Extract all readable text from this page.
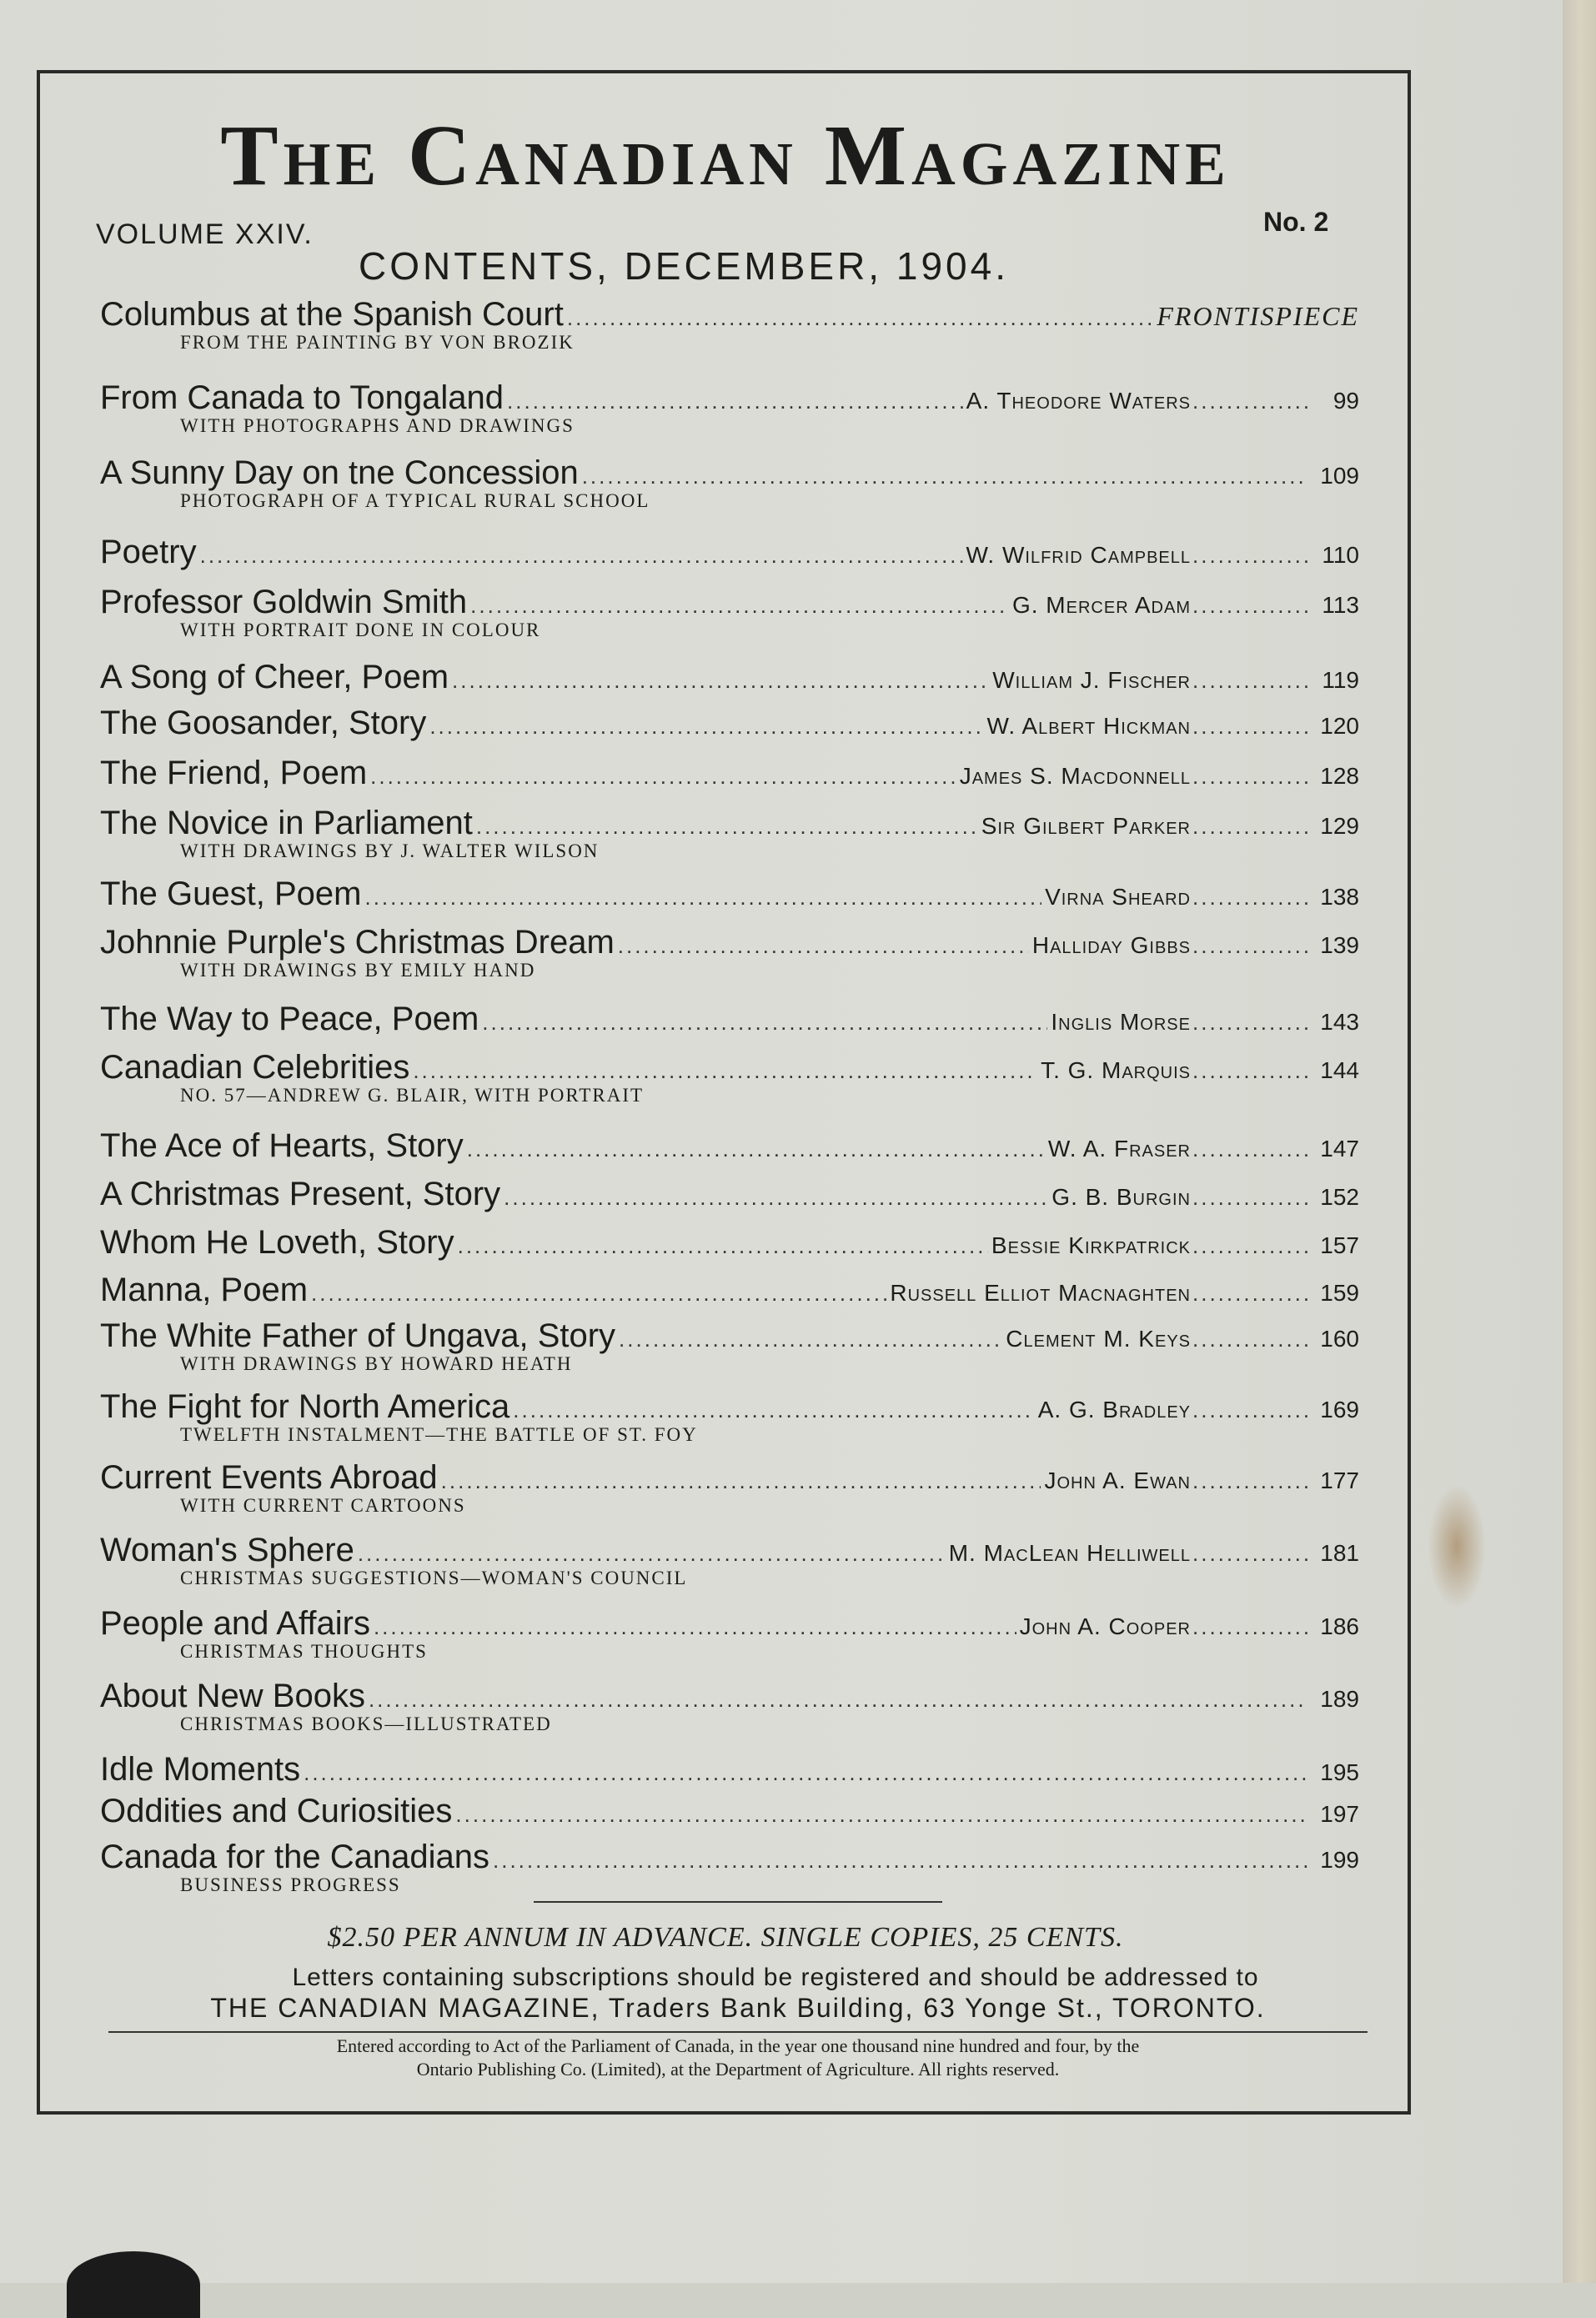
The Canadian Magazine
VOLUME XXIV.	No. 2
CONTENTS, DECEMBER, 1904.
Columbus at the Spanish Court .....	FRONTISPIECE
FROM THE PAINTING BY VON BROZIK
From Canada to Tongaland .....	A. Theodore Waters .....	99
WITH PHOTOGRAPHS AND DRAWINGS
A Sunny Day on tne Concession .....	109
PHOTOGRAPH OF A TYPICAL RURAL SCHOOL
Poetry .....	W. Wilfrid Campbell .....	110
Professor Goldwin Smith .....	G. Mercer Adam .....	113
WITH PORTRAIT DONE IN COLOUR
A Song of Cheer, Poem .....	William J. Fischer .....	119
The Goosander, Story .....	W. Albert Hickman .....	120
The Friend, Poem .....	James S. Macdonnell .....	128
The Novice in Parliament .....	Sir Gilbert Parker .....	129
WITH DRAWINGS BY J. WALTER WILSON
The Guest, Poem .....	Virna Sheard .....	138
Johnnie Purple's Christmas Dream .....	Halliday Gibbs .....	139
WITH DRAWINGS BY EMILY HAND
The Way to Peace, Poem .....	Inglis Morse .....	143
Canadian Celebrities .....	T. G. Marquis .....	144
NO. 57—ANDREW G. BLAIR, WITH PORTRAIT
The Ace of Hearts, Story .....	W. A. Fraser .....	147
A Christmas Present, Story .....	G. B. Burgin .....	152
Whom He Loveth, Story .....	Bessie Kirkpatrick .....	157
Manna, Poem .....	Russell Elliot Macnaghten .....	159
The White Father of Ungava, Story .....	Clement M. Keys .....	160
WITH DRAWINGS BY HOWARD HEATH
The Fight for North America .....	A. G. Bradley .....	169
TWELFTH INSTALMENT—THE BATTLE OF ST. FOY
Current Events Abroad .....	John A. Ewan .....	177
WITH CURRENT CARTOONS
Woman's Sphere .....	M. MacLean Helliwell .....	181
CHRISTMAS SUGGESTIONS—WOMAN'S COUNCIL
People and Affairs .....	John A. Cooper .....	186
CHRISTMAS THOUGHTS
About New Books .....	189
CHRISTMAS BOOKS—ILLUSTRATED
Idle Moments .....	195
Oddities and Curiosities .....	197
Canada for the Canadians .....	199
BUSINESS PROGRESS
$2.50 PER ANNUM IN ADVANCE. SINGLE COPIES, 25 CENTS.
Letters containing subscriptions should be registered and should be addressed to
THE CANADIAN MAGAZINE, Traders Bank Building, 63 Yonge St., TORONTO.
Entered according to Act of the Parliament of Canada, in the year one thousand nine hundred and four, by the
Ontario Publishing Co. (Limited), at the Department of Agriculture. All rights reserved.
